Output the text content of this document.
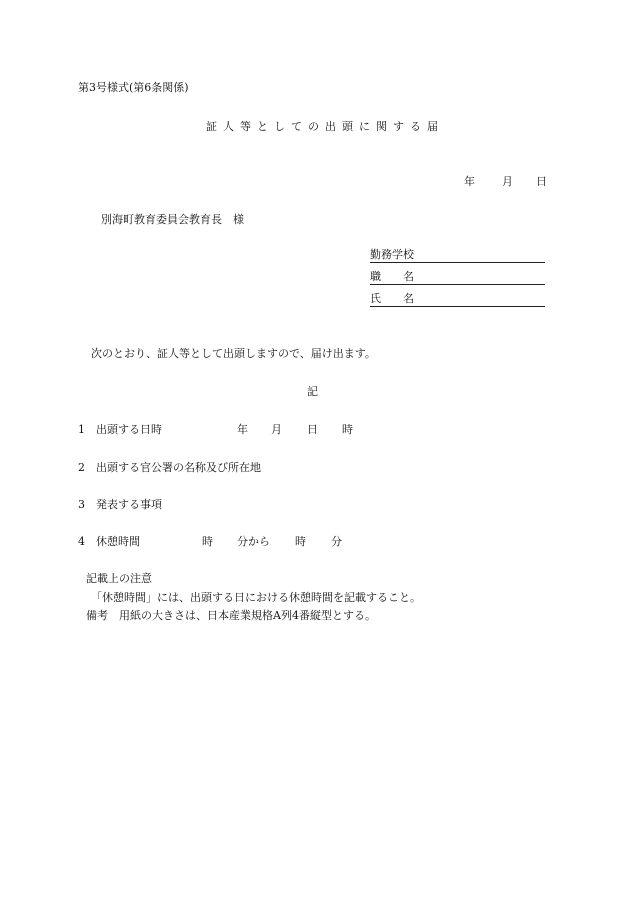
第3号様式(第6条関係)
証人等としての出頭に関する届
年 月 日
別海町教育委員会教育長　様
勤務学校
職　　名
氏　　名
次のとおり、証人等として出頭しますので、届け出ます。
記
1 出頭する日時	年 月 日 時
2 出頭する官公署の名称及び所在地
3 発表する事項
4 休憩時間	時 分から 時 分
記載上の注意
「休憩時間」には、出頭する日における休憩時間を記載すること。
備考　用紙の大きさは、日本産業規格A列4番縦型とする。
